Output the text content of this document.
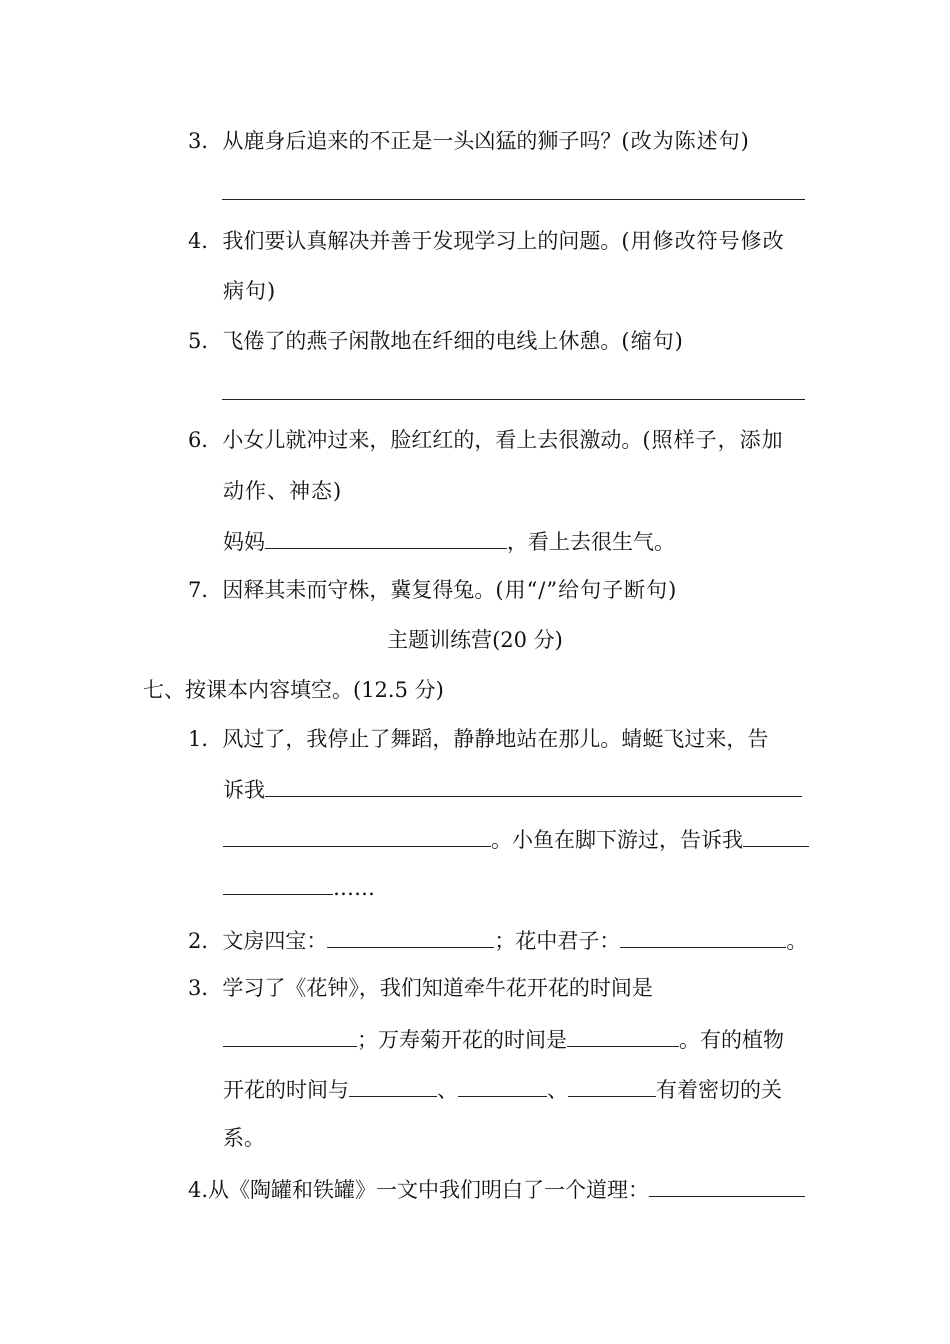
3．从鹿身后追来的不正是一头凶猛的狮子吗？(改为陈述句)
4．我们要认真解决并善于发现学习上的问题。(用修改符号修改
病句)
5．飞倦了的燕子闲散地在纤细的电线上休憩。(缩句)
6．小女儿就冲过来，脸红红的，看上去很激动。(照样子，添加
动作、神态)
妈妈	，看上去很生气。
7．因释其耒而守株，冀复得兔。(用“/”给句子断句)
主题训练营(20 分)
七、按课本内容填空。(12.5 分)
1．风过了，我停止了舞蹈，静静地站在那儿。蜻蜓飞过来，告
诉我
。小鱼在脚下游过，告诉我
……
2．文房四宝：	；花中君子：	。
3．学习了《花钟》，我们知道牵牛花开花的时间是
；万寿菊开花的时间是	。有的植物
开花的时间与	、	、	有着密切的关
系。
4.从《陶罐和铁罐》一文中我们明白了一个道理：
